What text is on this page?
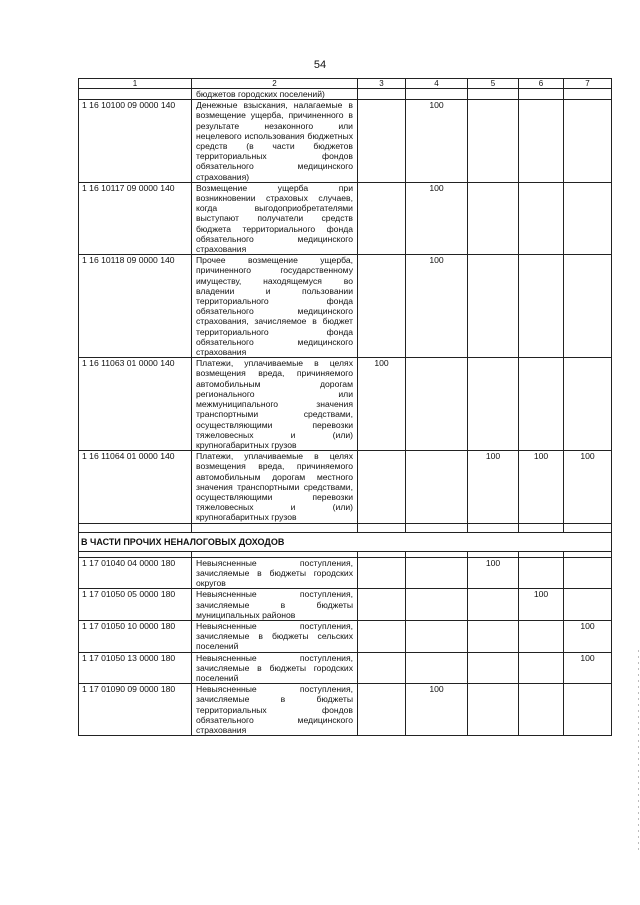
54
1	2	3	4	5	6	7
	бюджетов городских поселений)					
1 16 10100 09 0000 140	Денежные взыскания, налагаемые в возмещение ущерба, причиненного в результате незаконного или нецелевого использования бюджетных средств (в части бюджетов территориальных фондов обязательного медицинского страхования)		100			
1 16 10117 09 0000 140	Возмещение ущерба при возникновении страховых случаев, когда выгодоприобретателями выступают получатели средств бюджета территориального фонда обязательного медицинского страхования		100			
1 16 10118 09 0000 140	Прочее возмещение ущерба, причиненного государственному имуществу, находящемуся во владении и пользовании территориального фонда обязательного медицинского страхования, зачисляемое в бюджет территориального фонда обязательного медицинского страхования		100			
1 16 11063 01 0000 140	Платежи, уплачиваемые в целях возмещения вреда, причиняемого автомобильным дорогам регионального или межмуниципального значения транспортными средствами, осуществляющими перевозки тяжеловесных и (или) крупногабаритных грузов	100				
1 16 11064 01 0000 140	Платежи, уплачиваемые в целях возмещения вреда, причиняемого автомобильным дорогам местного значения транспортными средствами, осуществляющими перевозки тяжеловесных и (или) крупногабаритных грузов			100	100	100

В ЧАСТИ ПРОЧИХ НЕНАЛОГОВЫХ ДОХОДОВ						

1 17 01040 04 0000 180	Невыясненные поступления, зачисляемые в бюджеты городских округов			100		
1 17 01050 05 0000 180	Невыясненные поступления, зачисляемые в бюджеты муниципальных районов				100	
1 17 01050 10 0000 180	Невыясненные поступления, зачисляемые в бюджеты сельских поселений					100
1 17 01050 13 0000 180	Невыясненные поступления, зачисляемые в бюджеты городских поселений					100
1 17 01090 09 0000 180	Невыясненные поступления, зачисляемые в бюджеты территориальных фондов обязательного медицинского страхования		100			
